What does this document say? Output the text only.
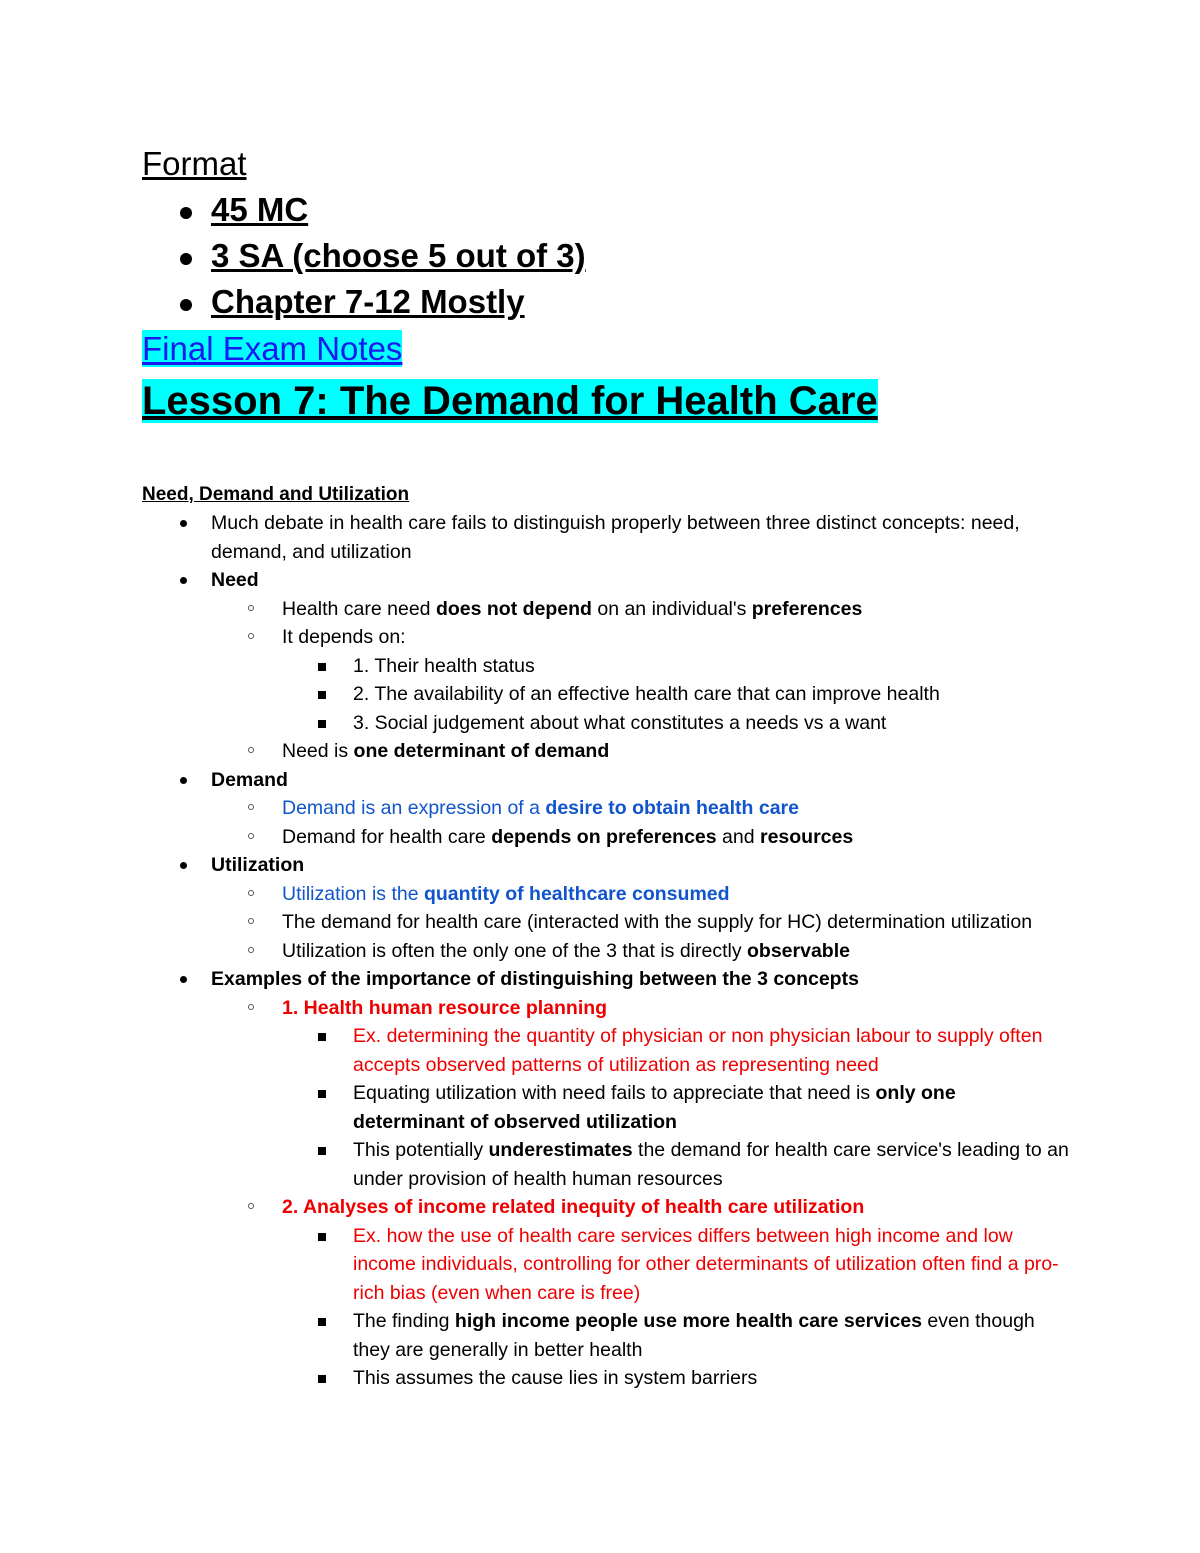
Format
45 MC
3 SA (choose 5 out of 3)
Chapter 7-12 Mostly
Final Exam Notes
Lesson 7: The Demand for Health Care
Need, Demand and Utilization
Much debate in health care fails to distinguish properly between three distinct concepts: need, demand, and utilization
Need
Health care need does not depend on an individual's preferences
It depends on:
1. Their health status
2. The availability of an effective health care that can improve health
3. Social judgement about what constitutes a needs vs a want
Need is one determinant of demand
Demand
Demand is an expression of a desire to obtain health care
Demand for health care depends on preferences and resources
Utilization
Utilization is the quantity of healthcare consumed
The demand for health care (interacted with the supply for HC) determination utilization
Utilization is often the only one of the 3 that is directly observable
Examples of the importance of distinguishing between the 3 concepts
1. Health human resource planning
Ex. determining the quantity of physician or non physician labour to supply often accepts observed patterns of utilization as representing need
Equating utilization with need fails to appreciate that need is only one determinant of observed utilization
This potentially underestimates the demand for health care service's leading to an under provision of health human resources
2. Analyses of income related inequity of health care utilization
Ex. how the use of health care services differs between high income and low income individuals, controlling for other determinants of utilization often find a pro-rich bias (even when care is free)
The finding high income people use more health care services even though they are generally in better health
This assumes the cause lies in system barriers
